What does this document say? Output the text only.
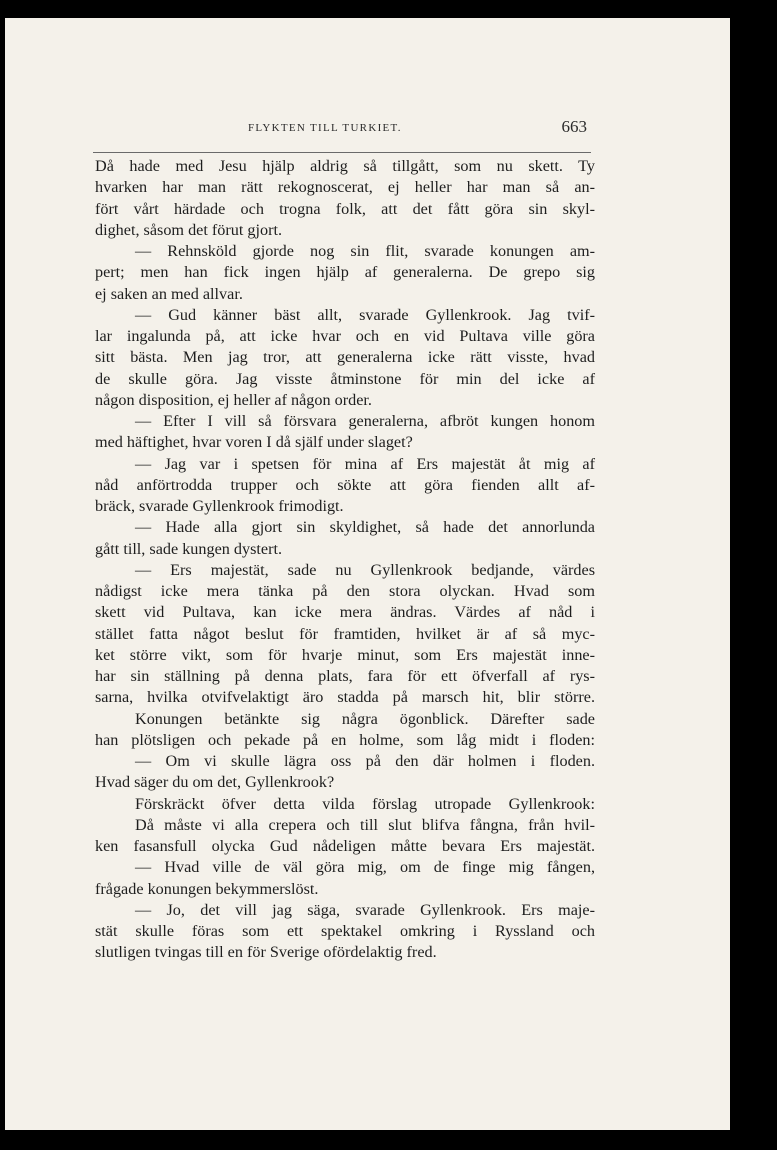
FLYKTEN TILL TURKIET.	663
Då hade med Jesu hjälp aldrig så tillgått, som nu skett. Ty
hvarken har man rätt rekognoscerat, ej heller har man så an-
fört vårt härdade och trogna folk, att det fått göra sin skyl-
dighet, såsom det förut gjort.
— Rehnsköld gjorde nog sin flit, svarade konungen am-
pert; men han fick ingen hjälp af generalerna. De grepo sig
ej saken an med allvar.
— Gud känner bäst allt, svarade Gyllenkrook. Jag tvif-
lar ingalunda på, att icke hvar och en vid Pultava ville göra
sitt bästa. Men jag tror, att generalerna icke rätt visste, hvad
de skulle göra. Jag visste åtminstone för min del icke af
någon disposition, ej heller af någon order.
— Efter I vill så försvara generalerna, afbröt kungen honom
med häftighet, hvar voren I då själf under slaget?
— Jag var i spetsen för mina af Ers majestät åt mig af
nåd anförtrodda trupper och sökte att göra fienden allt af-
bräck, svarade Gyllenkrook frimodigt.
— Hade alla gjort sin skyldighet, så hade det annorlunda
gått till, sade kungen dystert.
— Ers majestät, sade nu Gyllenkrook bedjande, värdes
nådigst icke mera tänka på den stora olyckan. Hvad som
skett vid Pultava, kan icke mera ändras. Värdes af nåd i
stället fatta något beslut för framtiden, hvilket är af så myc-
ket större vikt, som för hvarje minut, som Ers majestät inne-
har sin ställning på denna plats, fara för ett öfverfall af rys-
sarna, hvilka otvifvelaktigt äro stadda på marsch hit, blir större.
Konungen betänkte sig några ögonblick. Därefter sade
han plötsligen och pekade på en holme, som låg midt i floden:
— Om vi skulle lägra oss på den där holmen i floden.
Hvad säger du om det, Gyllenkrook?
Förskräckt öfver detta vilda förslag utropade Gyllenkrook:
Då måste vi alla crepera och till slut blifva fångna, från hvil-
ken fasansfull olycka Gud nådeligen måtte bevara Ers majestät.
— Hvad ville de väl göra mig, om de finge mig fången,
frågade konungen bekymmerslöst.
— Jo, det vill jag säga, svarade Gyllenkrook. Ers maje-
stät skulle föras som ett spektakel omkring i Ryssland och
slutligen tvingas till en för Sverige ofördelaktig fred.
